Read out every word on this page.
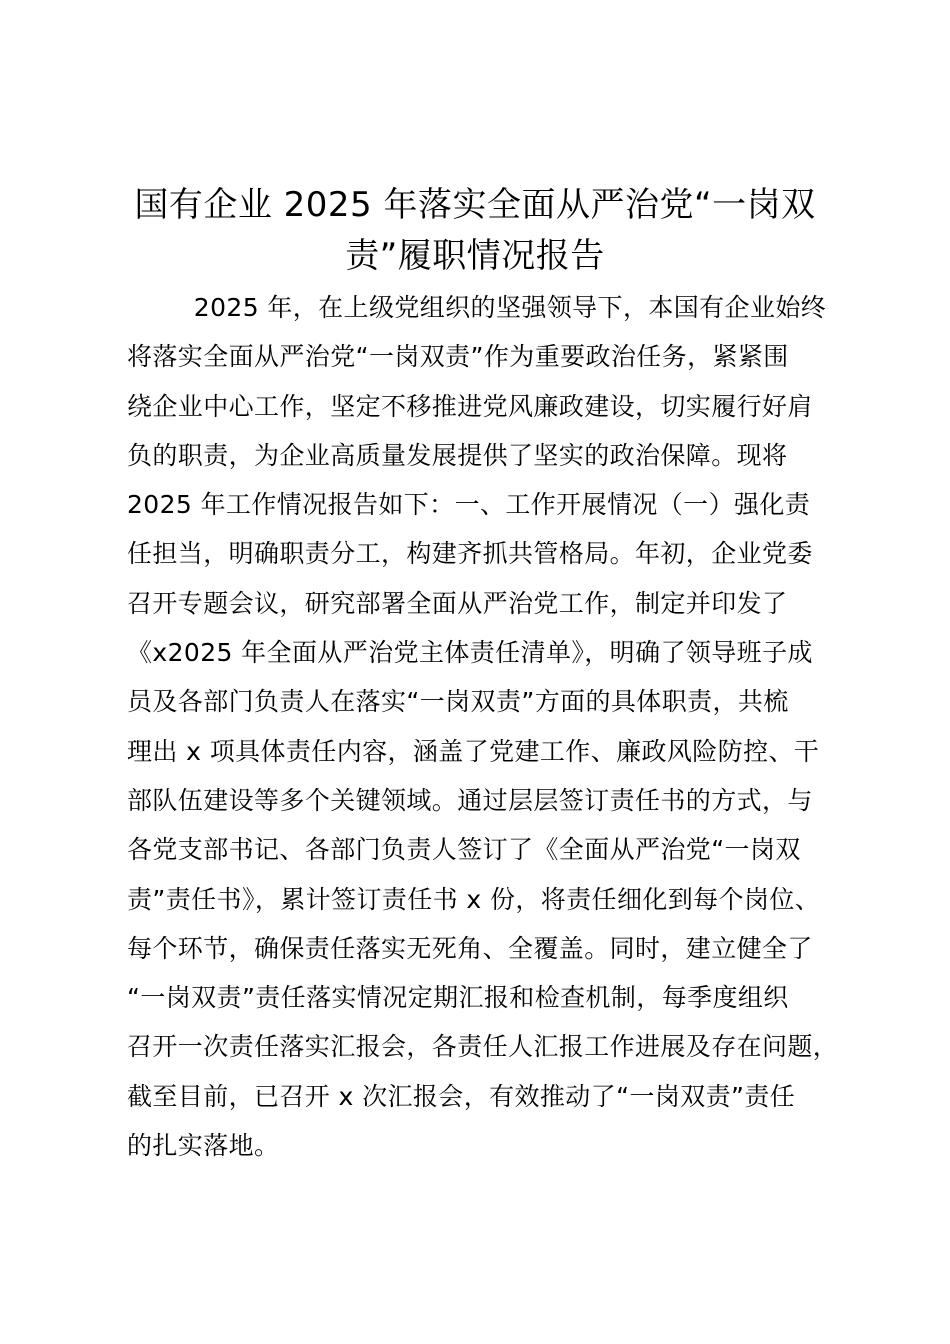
国有企业 2025 年落实全面从严治党“一岗双
责”履职情况报告
2025 年，在上级党组织的坚强领导下，本国有企业始终
将落实全面从严治党“一岗双责”作为重要政治任务，紧紧围
绕企业中心工作，坚定不移推进党风廉政建设，切实履行好肩
负的职责，为企业高质量发展提供了坚实的政治保障。现将
2025 年工作情况报告如下：一、工作开展情况（一）强化责
任担当，明确职责分工，构建齐抓共管格局。年初，企业党委
召开专题会议，研究部署全面从严治党工作，制定并印发了
《x2025 年全面从严治党主体责任清单》，明确了领导班子成
员及各部门负责人在落实“一岗双责”方面的具体职责，共梳
理出 x 项具体责任内容，涵盖了党建工作、廉政风险防控、干
部队伍建设等多个关键领域。通过层层签订责任书的方式，与
各党支部书记、各部门负责人签订了《全面从严治党“一岗双
责”责任书》，累计签订责任书 x 份，将责任细化到每个岗位、
每个环节，确保责任落实无死角、全覆盖。同时，建立健全了
“一岗双责”责任落实情况定期汇报和检查机制，每季度组织
召开一次责任落实汇报会，各责任人汇报工作进展及存在问题，
截至目前，已召开 x 次汇报会，有效推动了“一岗双责”责任
的扎实落地。
